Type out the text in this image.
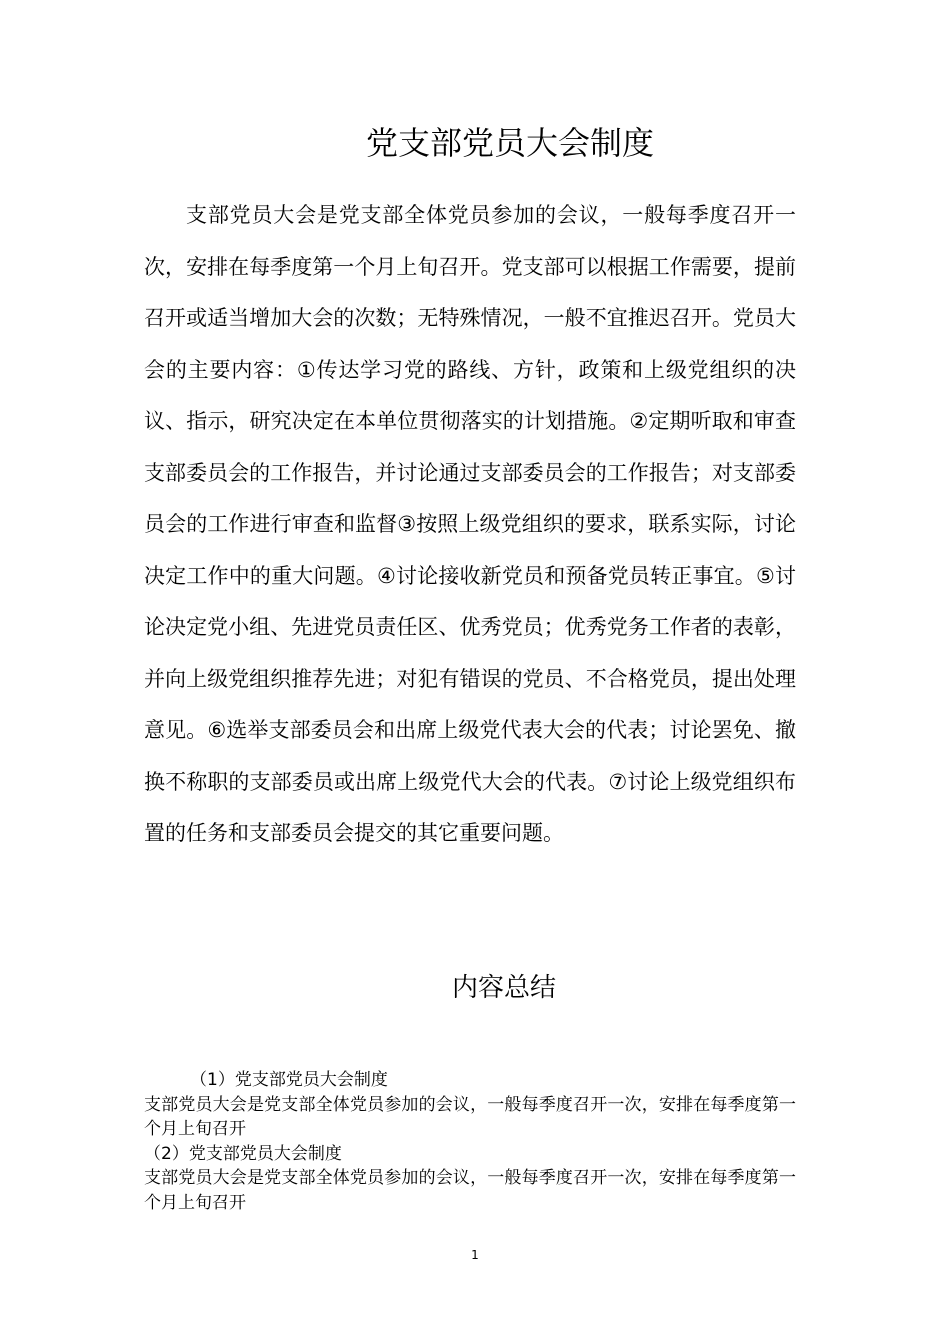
党支部党员大会制度

支部党员大会是党支部全体党员参加的会议，一般每季度召开一次，安排在每季度第一个月上旬召开。党支部可以根据工作需要，提前召开或适当增加大会的次数；无特殊情况，一般不宜推迟召开。党员大会的主要内容：①传达学习党的路线、方针，政策和上级党组织的决议、指示，研究决定在本单位贯彻落实的计划措施。②定期听取和审查支部委员会的工作报告，并讨论通过支部委员会的工作报告；对支部委员会的工作进行审查和监督③按照上级党组织的要求，联系实际，讨论决定工作中的重大问题。④讨论接收新党员和预备党员转正事宜。⑤讨论决定党小组、先进党员责任区、优秀党员；优秀党务工作者的表彰，并向上级党组织推荐先进；对犯有错误的党员、不合格党员，提出处理意见。⑥选举支部委员会和出席上级党代表大会的代表；讨论罢免、撤换不称职的支部委员或出席上级党代大会的代表。⑦讨论上级党组织布置的任务和支部委员会提交的其它重要问题。

内容总结

（1）党支部党员大会制度

支部党员大会是党支部全体党员参加的会议，一般每季度召开一次，安排在每季度第一个月上旬召开

（2）党支部党员大会制度

支部党员大会是党支部全体党员参加的会议，一般每季度召开一次，安排在每季度第一个月上旬召开

1
